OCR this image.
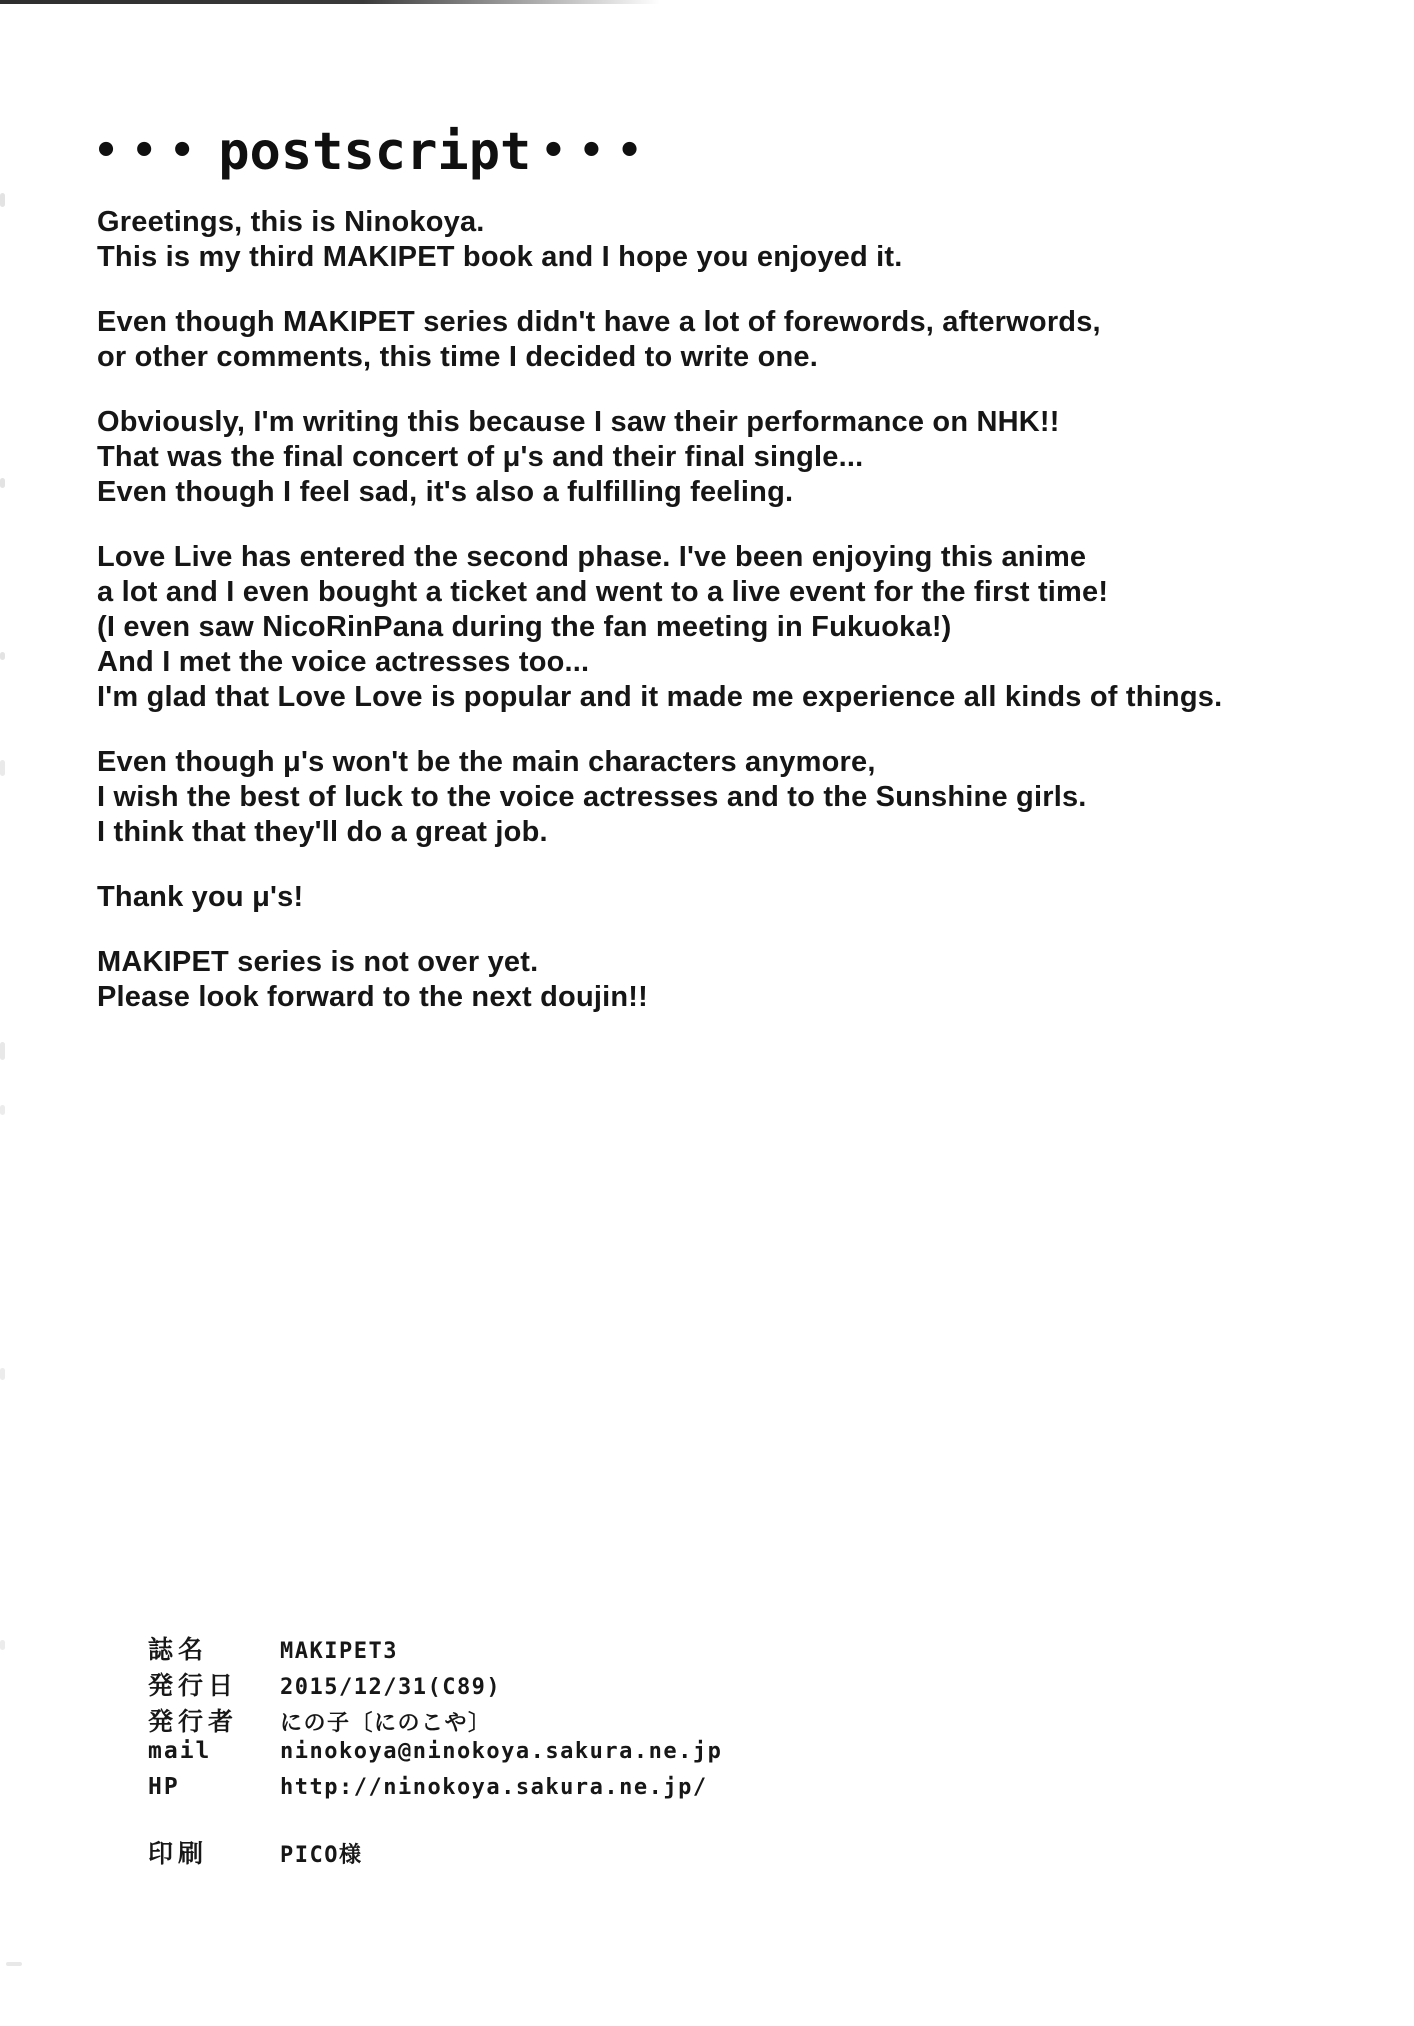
••• postscript •••
Greetings, this is Ninokoya.
This is my third MAKIPET book and I hope you enjoyed it.
Even though MAKIPET series didn't have a lot of forewords, afterwords,
or other comments, this time I decided to write one.
Obviously, I'm writing this because I saw their performance on NHK!!
That was the final concert of μ's and their final single...
Even though I feel sad, it's also a fulfilling feeling.
Love Live has entered the second phase. I've been enjoying this anime
a lot and I even bought a ticket and went to a live event for the first time!
(I even saw NicoRinPana during the fan meeting in Fukuoka!)
And I met the voice actresses too...
I'm glad that Love Love is popular and it made me experience all kinds of things.
Even though μ's won't be the main characters anymore,
I wish the best of luck to the voice actresses and to the Sunshine girls.
I think that they'll do a great job.
Thank you μ's!
MAKIPET series is not over yet.
Please look forward to the next doujin!!
誌名	MAKIPET3
発行日	2015/12/31(C89)
発行者	にの子〔にのこや〕
mail	ninokoya@ninokoya.sakura.ne.jp
HP	http://ninokoya.sakura.ne.jp/
印刷	PICO様
